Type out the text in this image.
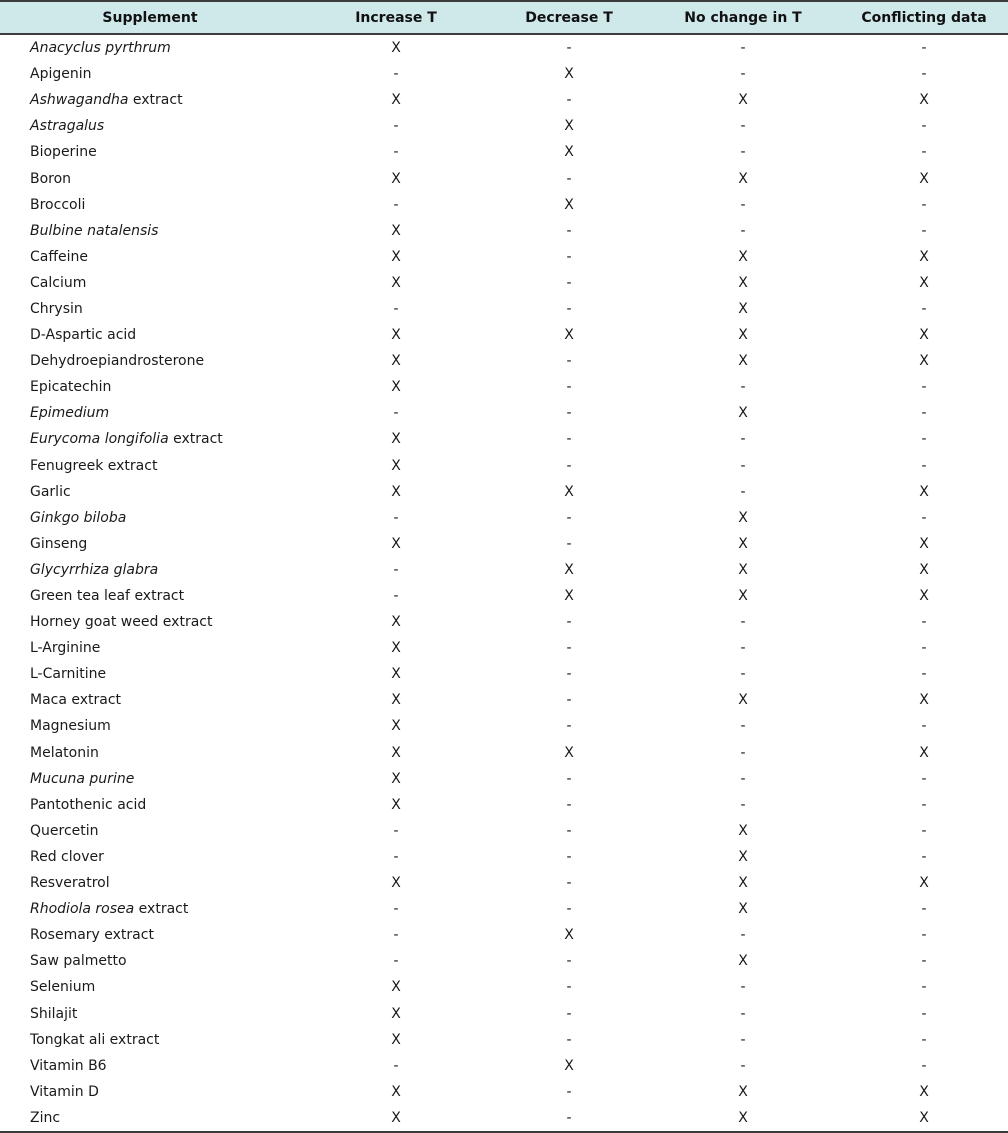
Supplement	Increase T	Decrease T	No change in T	Conflicting data
Anacyclus pyrthrum	X	-	-	-
Apigenin	-	X	-	-
Ashwagandha extract	X	-	X	X
Astragalus	-	X	-	-
Bioperine	-	X	-	-
Boron	X	-	X	X
Broccoli	-	X	-	-
Bulbine natalensis	X	-	-	-
Caffeine	X	-	X	X
Calcium	X	-	X	X
Chrysin	-	-	X	-
D-Aspartic acid	X	X	X	X
Dehydroepiandrosterone	X	-	X	X
Epicatechin	X	-	-	-
Epimedium	-	-	X	-
Eurycoma longifolia extract	X	-	-	-
Fenugreek extract	X	-	-	-
Garlic	X	X	-	X
Ginkgo biloba	-	-	X	-
Ginseng	X	-	X	X
Glycyrrhiza glabra	-	X	X	X
Green tea leaf extract	-	X	X	X
Horney goat weed extract	X	-	-	-
L-Arginine	X	-	-	-
L-Carnitine	X	-	-	-
Maca extract	X	-	X	X
Magnesium	X	-	-	-
Melatonin	X	X	-	X
Mucuna purine	X	-	-	-
Pantothenic acid	X	-	-	-
Quercetin	-	-	X	-
Red clover	-	-	X	-
Resveratrol	X	-	X	X
Rhodiola rosea extract	-	-	X	-
Rosemary extract	-	X	-	-
Saw palmetto	-	-	X	-
Selenium	X	-	-	-
Shilajit	X	-	-	-
Tongkat ali extract	X	-	-	-
Vitamin B6	-	X	-	-
Vitamin D	X	-	X	X
Zinc	X	-	X	X
